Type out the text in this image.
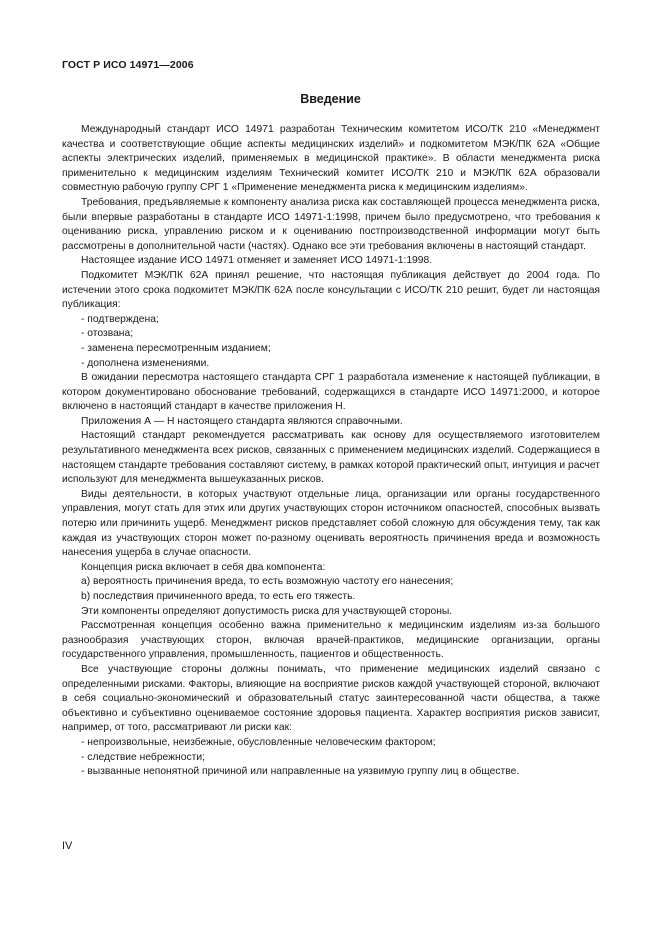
ГОСТ Р ИСО 14971—2006
Введение

Международный стандарт ИСО 14971 разработан Техническим комитетом ИСО/ТК 210 «Менеджмент качества и соответствующие общие аспекты медицинских изделий» и подкомитетом МЭК/ПК 62А «Общие аспекты электрических изделий, применяемых в медицинской практике». В области менеджмента риска применительно к медицинским изделиям Технический комитет ИСО/ТК 210 и МЭК/ПК 62А образовали совместную рабочую группу СРГ 1 «Применение менеджмента риска к медицинским изделиям».

Требования, предъявляемые к компоненту анализа риска как составляющей процесса менеджмента риска, были впервые разработаны в стандарте ИСО 14971-1:1998, причем было предусмотрено, что требования к оцениванию риска, управлению риском и к оцениванию постпроизводственной информации могут быть рассмотрены в дополнительной части (частях). Однако все эти требования включены в настоящий стандарт.

Настоящее издание ИСО 14971 отменяет и заменяет ИСО 14971-1:1998.

Подкомитет МЭК/ПК 62А принял решение, что настоящая публикация действует до 2004 года. По истечении этого срока подкомитет МЭК/ПК 62А после консультации с ИСО/ТК 210 решит, будет ли настоящая публикация:

- подтверждена;

- отозвана;

- заменена пересмотренным изданием;

- дополнена изменениями.

В ожидании пересмотра настоящего стандарта СРГ 1 разработала изменение к настоящей публикации, в котором документировано обоснование требований, содержащихся в стандарте ИСО 14971:2000, и которое включено в настоящий стандарт в качестве приложения Н.

Приложения А — Н настоящего стандарта являются справочными.

Настоящий стандарт рекомендуется рассматривать как основу для осуществляемого изготовителем результативного менеджмента всех рисков, связанных с применением медицинских изделий. Содержащиеся в настоящем стандарте требования составляют систему, в рамках которой практический опыт, интуиция и расчет используют для менеджмента вышеуказанных рисков.

Виды деятельности, в которых участвуют отдельные лица, организации или органы государственного управления, могут стать для этих или других участвующих сторон источником опасностей, способных вызвать потерю или причинить ущерб. Менеджмент рисков представляет собой сложную для обсуждения тему, так как каждая из участвующих сторон может по-разному оценивать вероятность причинения вреда и возможность нанесения ущерба в случае опасности.

Концепция риска включает в себя два компонента:

a) вероятность причинения вреда, то есть возможную частоту его нанесения;

b) последствия причиненного вреда, то есть его тяжесть.

Эти компоненты определяют допустимость риска для участвующей стороны.

Рассмотренная концепция особенно важна применительно к медицинским изделиям из-за большого разнообразия участвующих сторон, включая врачей-практиков, медицинские организации, органы государственного управления, промышленность, пациентов и общественность.

Все участвующие стороны должны понимать, что применение медицинских изделий связано с определенными рисками. Факторы, влияющие на восприятие рисков каждой участвующей стороной, включают в себя социально-экономический и образовательный статус заинтересованной части общества, а также объективно и субъективно оцениваемое состояние здоровья пациента. Характер восприятия рисков зависит, например, от того, рассматривают ли риски как:

- непроизвольные, неизбежные, обусловленные человеческим фактором;

- следствие небрежности;

- вызванные непонятной причиной или направленные на уязвимую группу лиц в обществе.

IV
